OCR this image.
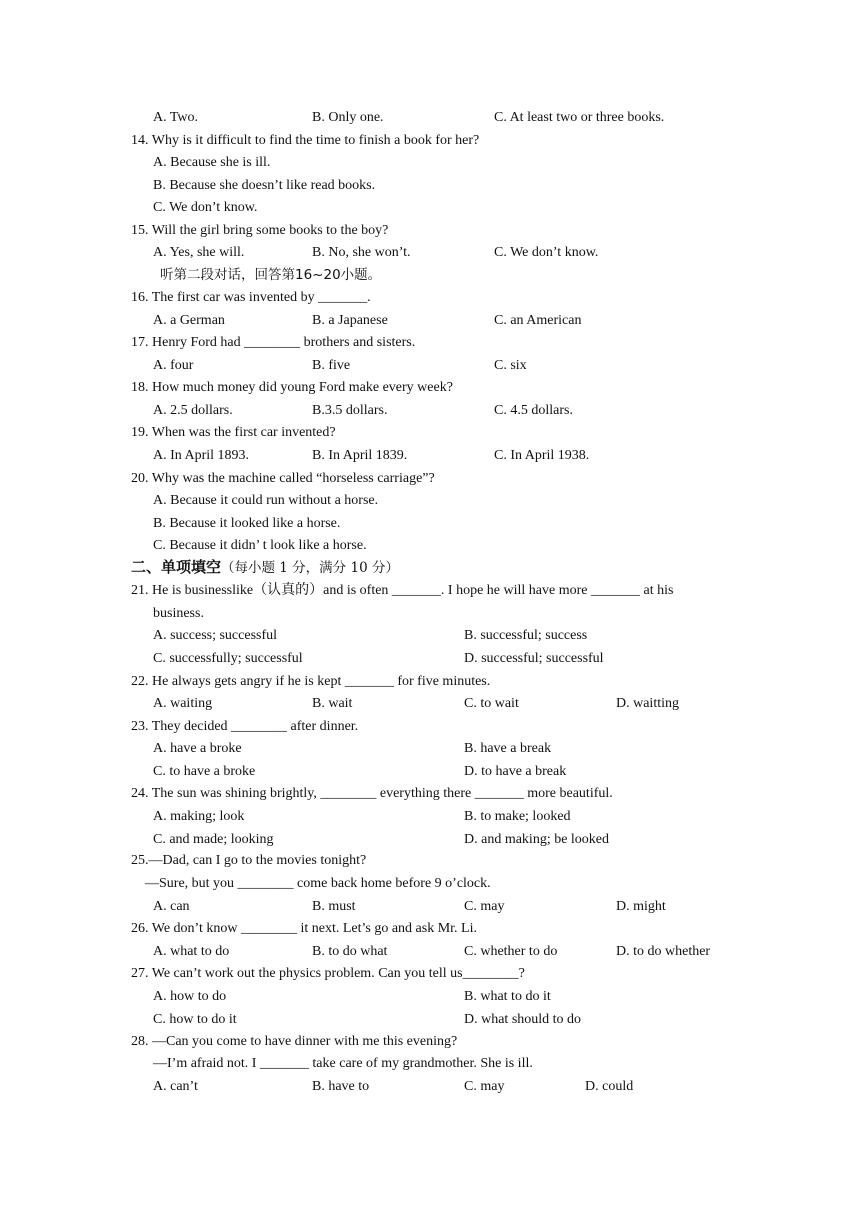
A. Two.	B. Only one.	C. At least two or three books.
14. Why is it difficult to find the time to finish a book for her?
A. Because she is ill.
B. Because she doesn’t like read books.
C. We don’t know.
15. Will the girl bring some books to the boy?
A. Yes, she will.	B. No, she won’t.	C. We don’t know.
听第二段对话，回答第16~20小题。
16. The first car was invented by _______.
A. a German	B. a Japanese	C. an American
17. Henry Ford had ________ brothers and sisters.
A. four	B. five	C. six
18. How much money did young Ford make every week?
A. 2.5 dollars.	B.3.5 dollars.	C. 4.5 dollars.
19. When was the first car invented?
A. In April 1893.	B. In April 1839.	C. In April 1938.
20. Why was the machine called “horseless carriage”?
A. Because it could run without a horse.
B. Because it looked like a horse.
C. Because it didn’ t look like a horse.
二、单项填空（每小题 1 分，满分 10 分）
21. He is businesslike（认真的）and is often _______. I hope he will have more _______ at his
business.
A. success; successful	B. successful; success
C. successfully; successful	D. successful; successful
22. He always gets angry if he is kept _______ for five minutes.
A. waiting	B. wait	C. to wait	D. waitting
23. They decided ________ after dinner.
A. have a broke	B. have a break
C. to have a broke	D. to have a break
24. The sun was shining brightly, ________ everything there _______ more beautiful.
A. making; look	B. to make; looked
C. and made; looking	D. and making; be looked
25.—Dad, can I go to the movies tonight?
—Sure, but you ________ come back home before 9 o’clock.
A. can	B. must	C. may	D. might
26. We don’t know ________ it next. Let’s go and ask Mr. Li.
A. what to do	B. to do what	C. whether to do	D. to do whether
27. We can’t work out the physics problem. Can you tell us________?
A. how to do	B. what to do it
C. how to do it	D. what should to do
28. —Can you come to have dinner with me this evening?
—I’m afraid not. I _______ take care of my grandmother. She is ill.
A. can’t	B. have to	C. may	D. could
